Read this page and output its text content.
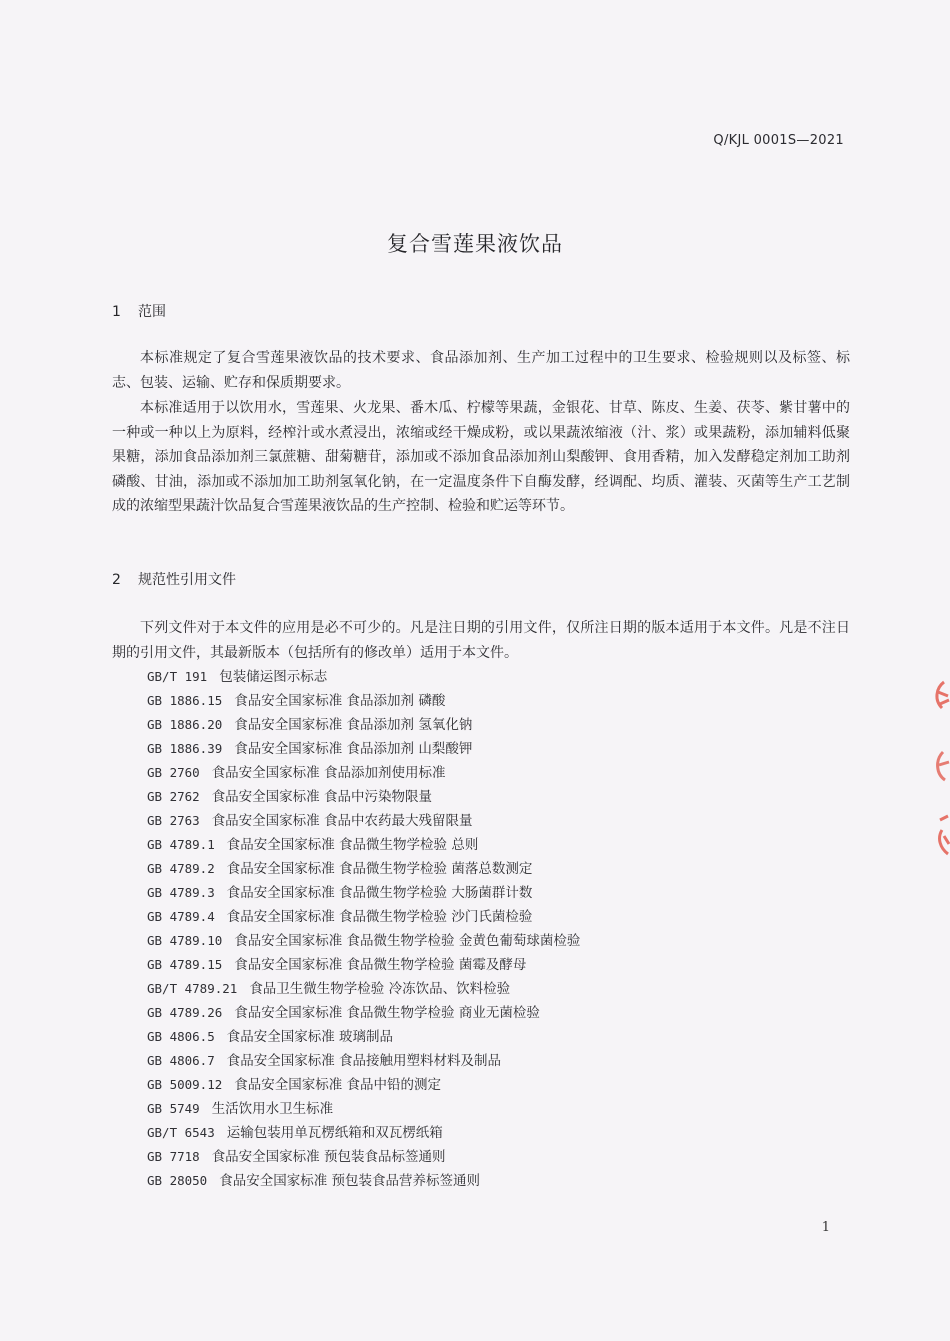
Q/KJL 0001S—2021
复合雪莲果液饮品
1 范围
本标准规定了复合雪莲果液饮品的技术要求、食品添加剂、生产加工过程中的卫生要求、检验规则以及标签、标志、包装、运输、贮存和保质期要求。
本标准适用于以饮用水，雪莲果、火龙果、番木瓜、柠檬等果蔬，金银花、甘草、陈皮、生姜、茯苓、紫甘薯中的一种或一种以上为原料，经榨汁或水煮浸出，浓缩或经干燥成粉，或以果蔬浓缩液（汁、浆）或果蔬粉，添加辅料低聚果糖，添加食品添加剂三氯蔗糖、甜菊糖苷，添加或不添加食品添加剂山梨酸钾、食用香精，加入发酵稳定剂加工助剂磷酸、甘油，添加或不添加加工助剂氢氧化钠，在一定温度条件下自酶发酵，经调配、均质、灌装、灭菌等生产工艺制成的浓缩型果蔬汁饮品复合雪莲果液饮品的生产控制、检验和贮运等环节。
2 规范性引用文件
下列文件对于本文件的应用是必不可少的。凡是注日期的引用文件，仅所注日期的版本适用于本文件。凡是不注日期的引用文件，其最新版本（包括所有的修改单）适用于本文件。
GB/T 191 包装储运图示标志
GB 1886.15 食品安全国家标准 食品添加剂 磷酸
GB 1886.20 食品安全国家标准 食品添加剂 氢氧化钠
GB 1886.39 食品安全国家标准 食品添加剂 山梨酸钾
GB 2760 食品安全国家标准 食品添加剂使用标准
GB 2762 食品安全国家标准 食品中污染物限量
GB 2763 食品安全国家标准 食品中农药最大残留限量
GB 4789.1 食品安全国家标准 食品微生物学检验 总则
GB 4789.2 食品安全国家标准 食品微生物学检验 菌落总数测定
GB 4789.3 食品安全国家标准 食品微生物学检验 大肠菌群计数
GB 4789.4 食品安全国家标准 食品微生物学检验 沙门氏菌检验
GB 4789.10 食品安全国家标准 食品微生物学检验 金黄色葡萄球菌检验
GB 4789.15 食品安全国家标准 食品微生物学检验 菌霉及酵母
GB/T 4789.21 食品卫生微生物学检验 冷冻饮品、饮料检验
GB 4789.26 食品安全国家标准 食品微生物学检验 商业无菌检验
GB 4806.5 食品安全国家标准 玻璃制品
GB 4806.7 食品安全国家标准 食品接触用塑料材料及制品
GB 5009.12 食品安全国家标准 食品中铅的测定
GB 5749 生活饮用水卫生标准
GB/T 6543 运输包装用单瓦楞纸箱和双瓦楞纸箱
GB 7718 食品安全国家标准 预包装食品标签通则
GB 28050 食品安全国家标准 预包装食品营养标签通则
1
